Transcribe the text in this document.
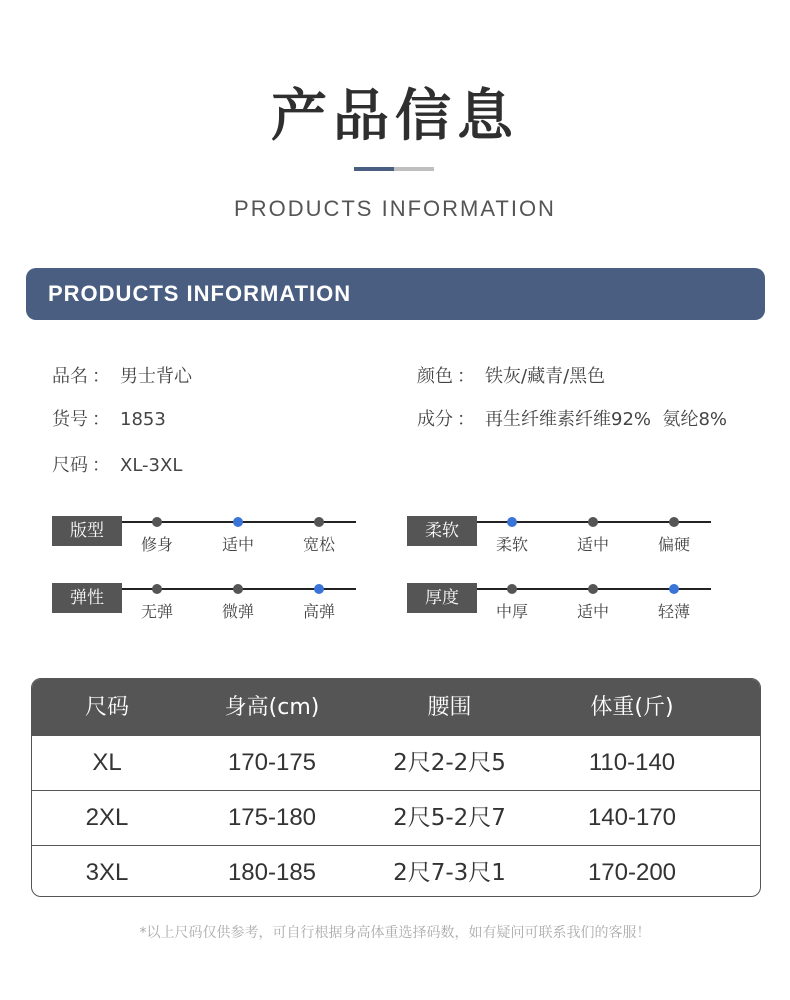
产品信息
PRODUCTS INFORMATION
PRODUCTS INFORMATION
品名 ： 男士背心	颜色 ： 铁灰/藏青/黑色
货号 ： 1853	成分 ： 再生纤维素纤维92%  氨纶8%
尺码 ： XL-3XL
版型
修身	适中	宽松
柔软
柔软	适中	偏硬
弹性
无弹	微弹	高弹
厚度
中厚	适中	轻薄
尺码	身高(cm)	腰围	体重(斤)
XL	170-175	2尺2-2尺5	110-140
2XL	175-180	2尺5-2尺7	140-170
3XL	180-185	2尺7-3尺1	170-200
*以上尺码仅供参考，可自行根据身高体重选择码数，如有疑问可联系我们的客服！
